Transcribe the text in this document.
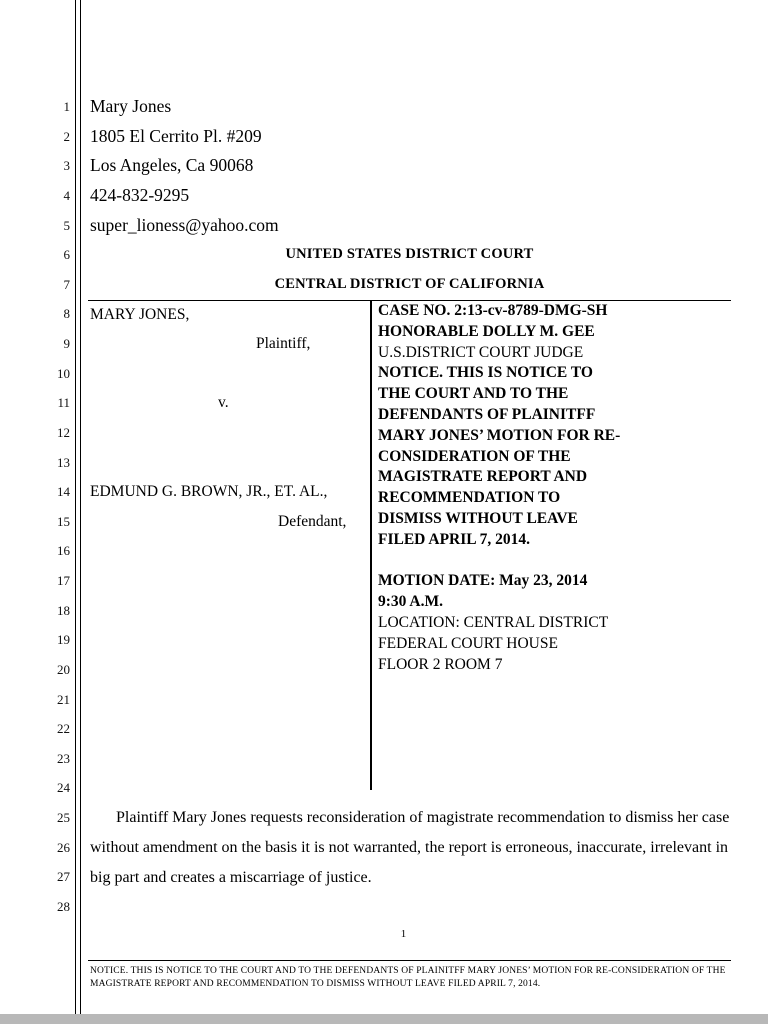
1
2
3
4
5
6
7
8
9
10
11
12
13
14
15
16
17
18
19
20
21
22
23
24
25
26
27
28
Mary Jones
1805 El Cerrito Pl. #209
Los Angeles, Ca 90068
424-832-9295
super_lioness@yahoo.com
UNITED STATES DISTRICT COURT
CENTRAL DISTRICT OF CALIFORNIA
MARY JONES,
Plaintiff,
v.
EDMUND G. BROWN, JR., ET. AL.,
Defendant,
CASE NO. 2:13-cv-8789-DMG-SH
HONORABLE DOLLY M. GEE
U.S.DISTRICT COURT JUDGE
NOTICE. THIS IS NOTICE TO
THE COURT AND TO THE
DEFENDANTS OF PLAINITFF
MARY JONES’ MOTION FOR RE-
CONSIDERATION OF THE
MAGISTRATE REPORT AND
RECOMMENDATION TO
DISMISS WITHOUT LEAVE
FILED APRIL 7, 2014.
MOTION DATE: May 23, 2014
9:30 A.M.
LOCATION: CENTRAL DISTRICT
FEDERAL COURT HOUSE
FLOOR 2 ROOM 7
Plaintiff Mary Jones requests reconsideration of magistrate recommendation to dismiss her case without amendment on the basis it is not warranted, the report is erroneous, inaccurate, irrelevant in big part and creates a miscarriage of justice.
1
NOTICE. THIS IS NOTICE TO THE COURT AND TO THE DEFENDANTS OF PLAINITFF MARY JONES’ MOTION FOR RE-CONSIDERATION OF THE MAGISTRATE REPORT AND RECOMMENDATION TO DISMISS WITHOUT LEAVE FILED APRIL 7, 2014.
